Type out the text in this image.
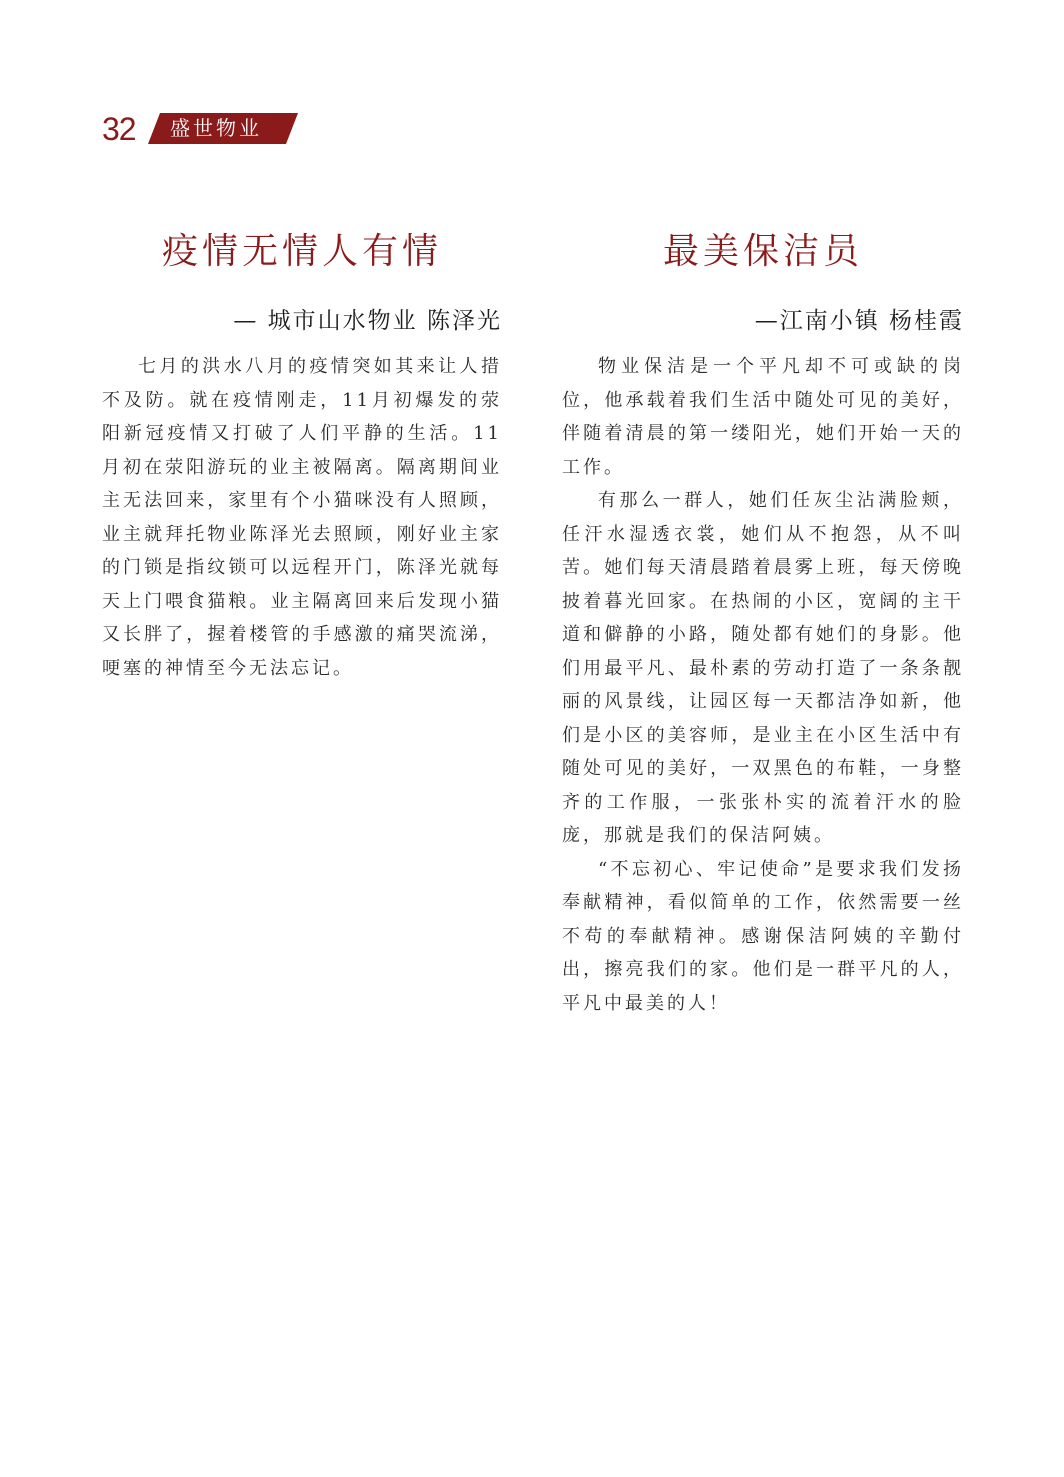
32 盛世物业
疫情无情人有情
— 城市山水物业 陈泽光

七月的洪水八月的疫情突如其来让人措不及防。就在疫情刚走，11月初爆发的荥阳新冠疫情又打破了人们平静的生活。11月初在荥阳游玩的业主被隔离。隔离期间业主无法回来，家里有个小猫咪没有人照顾，业主就拜托物业陈泽光去照顾，刚好业主家的门锁是指纹锁可以远程开门，陈泽光就每天上门喂食猫粮。业主隔离回来后发现小猫又长胖了，握着楼管的手感激的痛哭流涕，哽塞的神情至今无法忘记。

最美保洁员
—江南小镇 杨桂霞

物业保洁是一个平凡却不可或缺的岗位，他承载着我们生活中随处可见的美好，伴随着清晨的第一缕阳光，她们开始一天的工作。

有那么一群人，她们任灰尘沾满脸颊，任汗水湿透衣裳，她们从不抱怨，从不叫苦。她们每天清晨踏着晨雾上班，每天傍晚披着暮光回家。在热闹的小区，宽阔的主干道和僻静的小路，随处都有她们的身影。他们用最平凡、最朴素的劳动打造了一条条靓丽的风景线，让园区每一天都洁净如新，他们是小区的美容师，是业主在小区生活中有随处可见的美好，一双黑色的布鞋，一身整齐的工作服，一张张朴实的流着汗水的脸庞，那就是我们的保洁阿姨。

“不忘初心、牢记使命”是要求我们发扬奉献精神，看似简单的工作，依然需要一丝不苟的奉献精神。感谢保洁阿姨的辛勤付出，擦亮我们的家。他们是一群平凡的人，平凡中最美的人！
